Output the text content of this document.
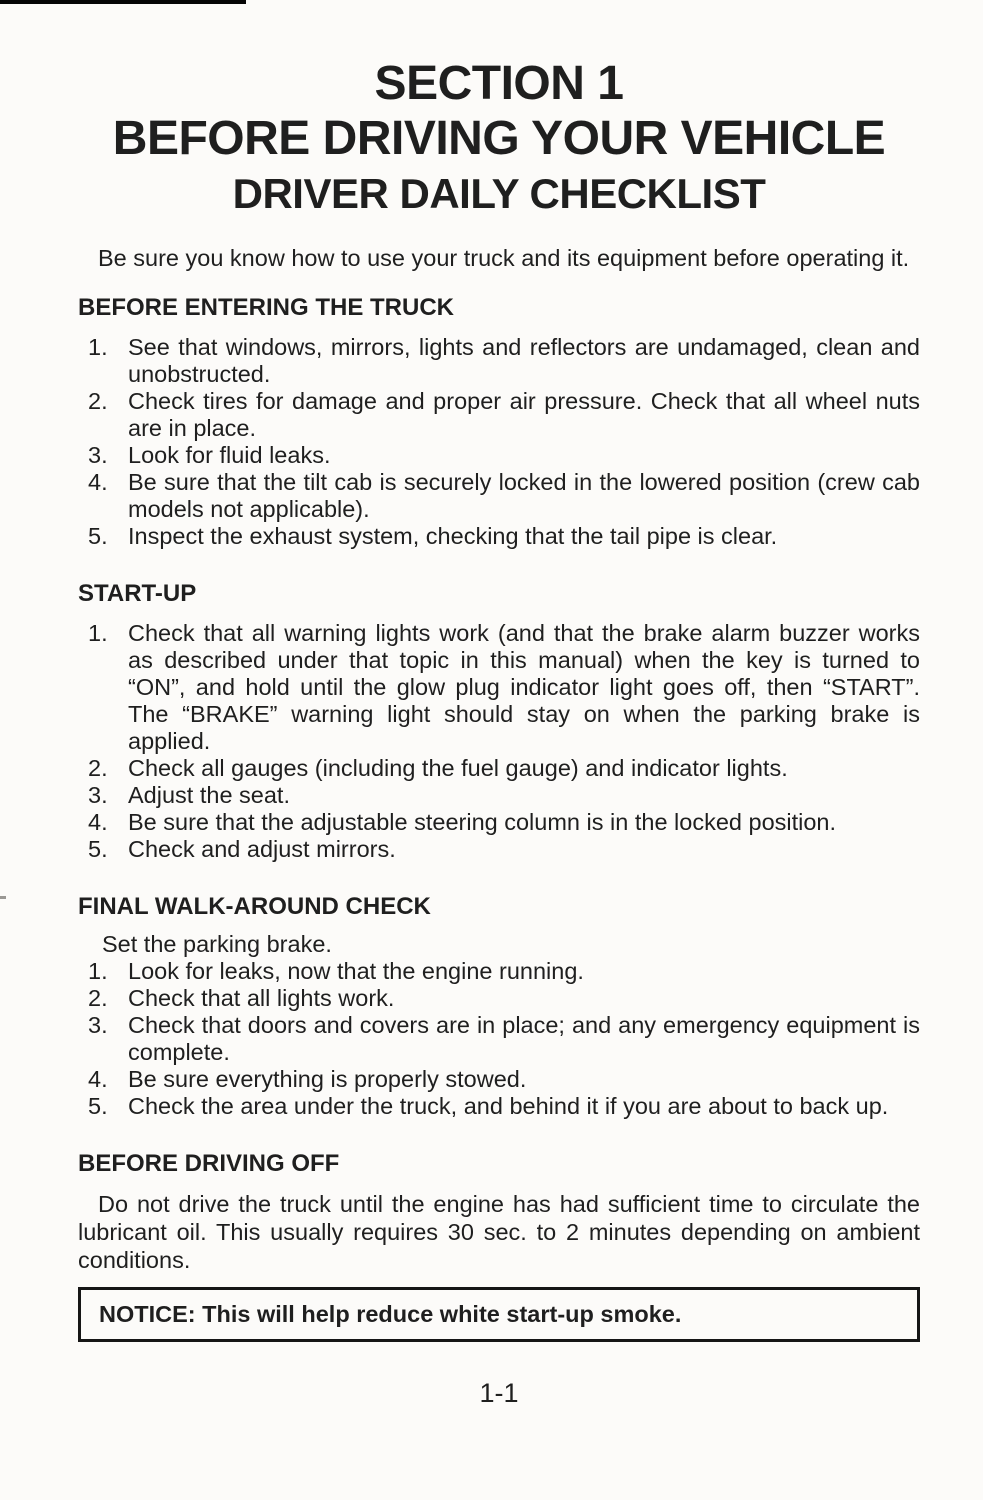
SECTION 1
BEFORE DRIVING YOUR VEHICLE
DRIVER DAILY CHECKLIST

Be sure you know how to use your truck and its equipment before operating it.

BEFORE ENTERING THE TRUCK
1. See that windows, mirrors, lights and reflectors are undamaged, clean and unobstructed.
2. Check tires for damage and proper air pressure. Check that all wheel nuts are in place.
3. Look for fluid leaks.
4. Be sure that the tilt cab is securely locked in the lowered position (crew cab models not applicable).
5. Inspect the exhaust system, checking that the tail pipe is clear.
START-UP
1. Check that all warning lights work (and that the brake alarm buzzer works as described under that topic in this manual) when the key is turned to “ON”, and hold until the glow plug indicator light goes off, then “START”. The “BRAKE” warning light should stay on when the parking brake is applied.
2. Check all gauges (including the fuel gauge) and indicator lights.
3. Adjust the seat.
4. Be sure that the adjustable steering column is in the locked position.
5. Check and adjust mirrors.
FINAL WALK-AROUND CHECK

Set the parking brake.

1. Look for leaks, now that the engine running.
2. Check that all lights work.
3. Check that doors and covers are in place; and any emergency equipment is complete.
4. Be sure everything is properly stowed.
5. Check the area under the truck, and behind it if you are about to back up.
BEFORE DRIVING OFF

Do not drive the truck until the engine has had sufficient time to circulate the lubricant oil. This usually requires 30 sec. to 2 minutes depending on ambient conditions.

NOTICE: This will help reduce white start-up smoke.
1-1
